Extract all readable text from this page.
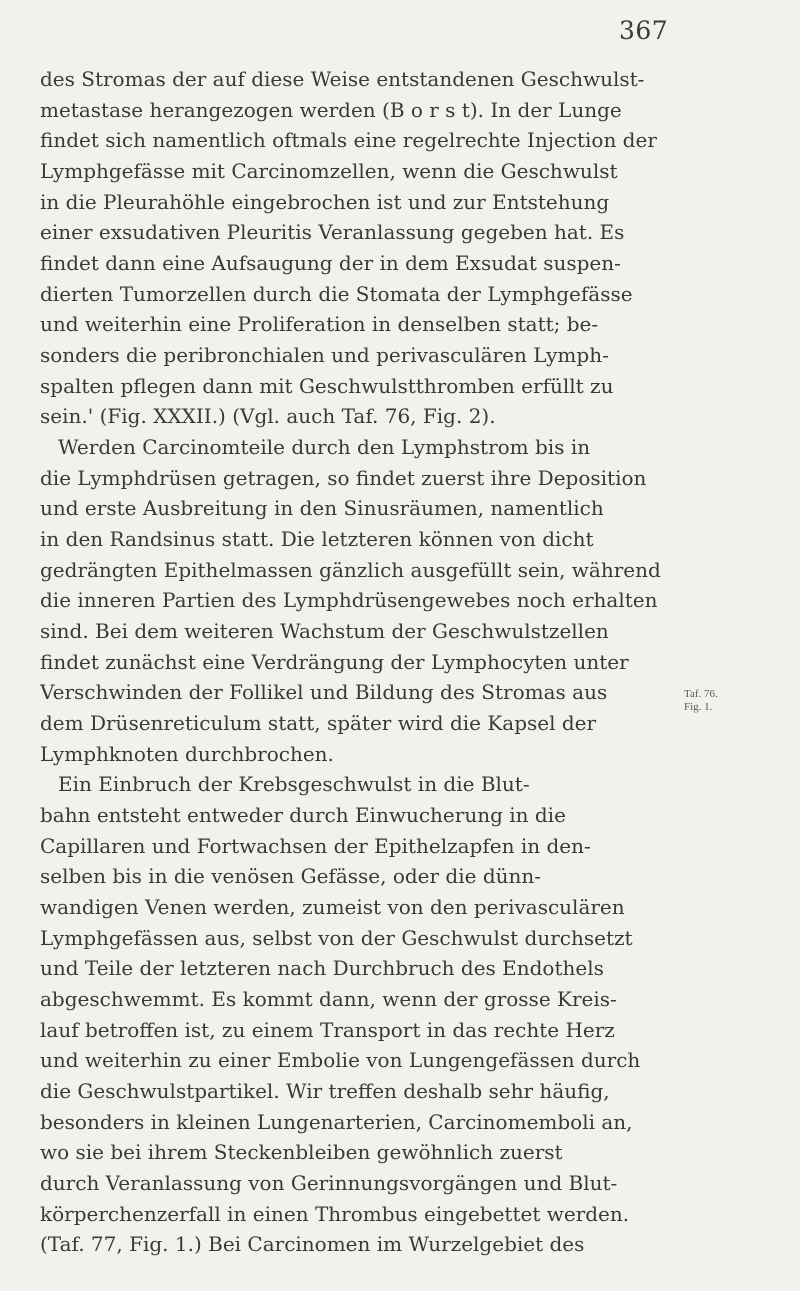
367
des Stromas der auf diese Weise entstandenen Geschwulst-
metastase herangezogen werden (B o r s t). In der Lunge
findet sich namentlich oftmals eine regelrechte Injection der
Lymphgefässe mit Carcinomzellen, wenn die Geschwulst
in die Pleurahöhle eingebrochen ist und zur Entstehung
einer exsudativen Pleuritis Veranlassung gegeben hat. Es
findet dann eine Aufsaugung der in dem Exsudat suspen-
dierten Tumorzellen durch die Stomata der Lymphgefässe
und weiterhin eine Proliferation in denselben statt; be-
sonders die peribronchialen und perivasculären Lymph-
spalten pflegen dann mit Geschwulstthromben erfüllt zu
sein.' (Fig. XXXII.) (Vgl. auch Taf. 76, Fig. 2).
Werden Carcinomteile durch den Lymphstrom bis in
die Lymphdrüsen getragen, so findet zuerst ihre Deposition
und erste Ausbreitung in den Sinusräumen, namentlich
in den Randsinus statt. Die letzteren können von dicht
gedrängten Epithelmassen gänzlich ausgefüllt sein, während
die inneren Partien des Lymphdrüsengewebes noch erhalten
sind. Bei dem weiteren Wachstum der Geschwulstzellen
findet zunächst eine Verdrängung der Lymphocyten unter
Verschwinden der Follikel und Bildung des Stromas aus
dem Drüsenreticulum statt, später wird die Kapsel der
Lymphknoten durchbrochen.
Ein Einbruch der Krebsgeschwulst in die Blut-
bahn entsteht entweder durch Einwucherung in die
Capillaren und Fortwachsen der Epithelzapfen in den-
selben bis in die venösen Gefässe, oder die dünn-
wandigen Venen werden, zumeist von den perivasculären
Lymphgefässen aus, selbst von der Geschwulst durchsetzt
und Teile der letzteren nach Durchbruch des Endothels
abgeschwemmt. Es kommt dann, wenn der grosse Kreis-
lauf betroffen ist, zu einem Transport in das rechte Herz
und weiterhin zu einer Embolie von Lungengefässen durch
die Geschwulstpartikel. Wir treffen deshalb sehr häufig,
besonders in kleinen Lungenarterien, Carcinomemboli an,
wo sie bei ihrem Steckenbleiben gewöhnlich zuerst
durch Veranlassung von Gerinnungsvorgängen und Blut-
körperchenzerfall in einen Thrombus eingebettet werden.
(Taf. 77, Fig. 1.) Bei Carcinomen im Wurzelgebiet des
Taf. 76.
Fig. 1.
